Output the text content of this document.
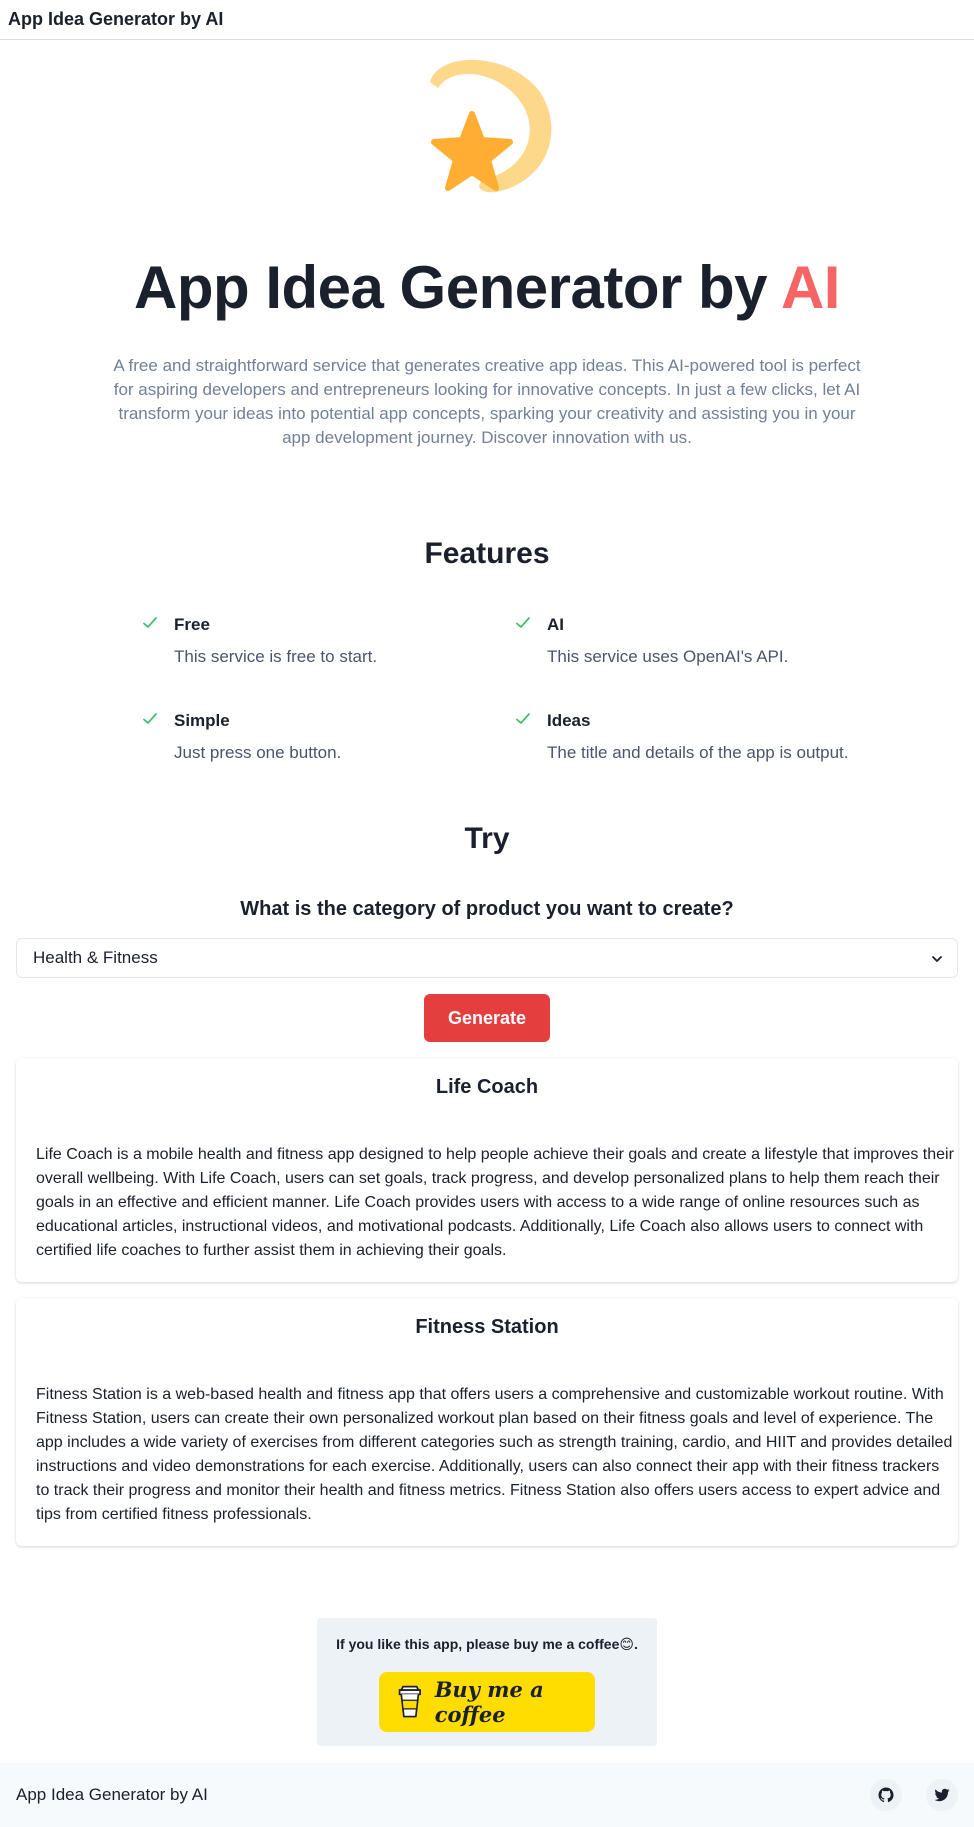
App Idea Generator by AI
App Idea Generator by AI

A free and straightforward service that generates creative app ideas. This AI-powered tool is perfect for aspiring developers and entrepreneurs looking for innovative concepts. In just a few clicks, let AI transform your ideas into potential app concepts, sparking your creativity and assisting you in your app development journey. Discover innovation with us.

Features
Free
This service is free to start.
AI
This service uses OpenAI's API.
Simple
Just press one button.
Ideas
The title and details of the app is output.
Try
What is the category of product you want to create?
Health & Fitness
Generate
Life Coach
Life Coach is a mobile health and fitness app designed to help people achieve their goals and create a lifestyle that improves their overall wellbeing. With Life Coach, users can set goals, track progress, and develop personalized plans to help them reach their goals in an effective and efficient manner. Life Coach provides users with access to a wide range of online resources such as educational articles, instructional videos, and motivational podcasts. Additionally, Life Coach also allows users to connect with certified life coaches to further assist them in achieving their goals.
Fitness Station
Fitness Station is a web-based health and fitness app that offers users a comprehensive and customizable workout routine. With Fitness Station, users can create their own personalized workout plan based on their fitness goals and level of experience. The app includes a wide variety of exercises from different categories such as strength training, cardio, and HIIT and provides detailed instructions and video demonstrations for each exercise. Additionally, users can also connect their app with their fitness trackers to track their progress and monitor their health and fitness metrics. Fitness Station also offers users access to expert advice and tips from certified fitness professionals.
If you like this app, please buy me a coffee😊.
Buy me a coffee
App Idea Generator by AI
